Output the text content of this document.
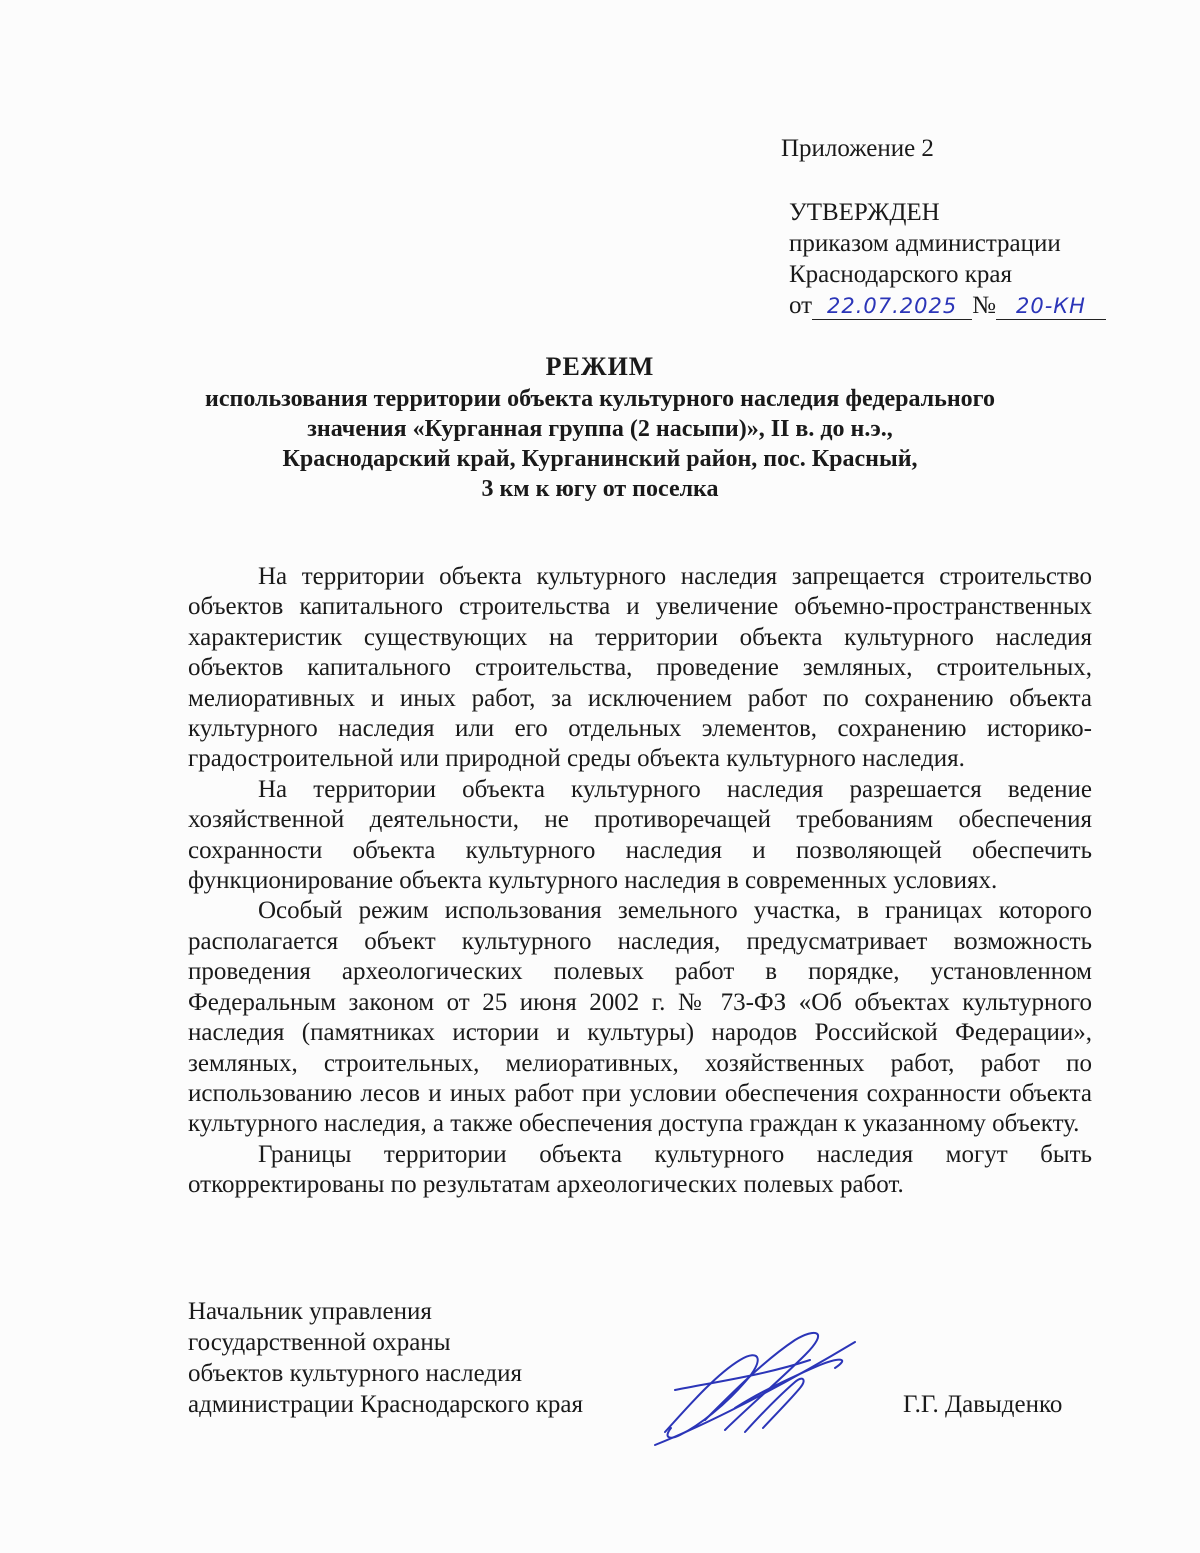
Приложение 2
УТВЕРЖДЕН
приказом администрации
Краснодарского края
от 22.07.2025 № 20-КН
РЕЖИМ
использования территории объекта культурного наследия федерального
значения «Курганная группа (2 насыпи)», II в. до н.э.,
Краснодарский край, Курганинский район, пос. Красный,
3 км к югу от поселка

На территории объекта культурного наследия запрещается строительство объектов капитального строительства и увеличение объемно-пространственных характеристик существующих на территории объекта культурного наследия объектов капитального строительства, проведение земляных, строительных, мелиоративных и иных работ, за исключением работ по сохранению объекта культурного наследия или его отдельных элементов, сохранению историко-градостроительной или природной среды объекта культурного наследия.

На территории объекта культурного наследия разрешается ведение хозяйственной деятельности, не противоречащей требованиям обеспечения сохранности объекта культурного наследия и позволяющей обеспечить функционирование объекта культурного наследия в современных условиях.

Особый режим использования земельного участка, в границах которого располагается объект культурного наследия, предусматривает возможность проведения археологических полевых работ в порядке, установленном Федеральным законом от 25 июня 2002 г. № 73-ФЗ «Об объектах культурного наследия (памятниках истории и культуры) народов Российской Федерации», земляных, строительных, мелиоративных, хозяйственных работ, работ по использованию лесов и иных работ при условии обеспечения сохранности объекта культурного наследия, а также обеспечения доступа граждан к указанному объекту.

Границы территории объекта культурного наследия могут быть откорректированы по результатам археологических полевых работ.

Начальник управления
государственной охраны
объектов культурного наследия
администрации Краснодарского края	Г.Г. Давыденко
